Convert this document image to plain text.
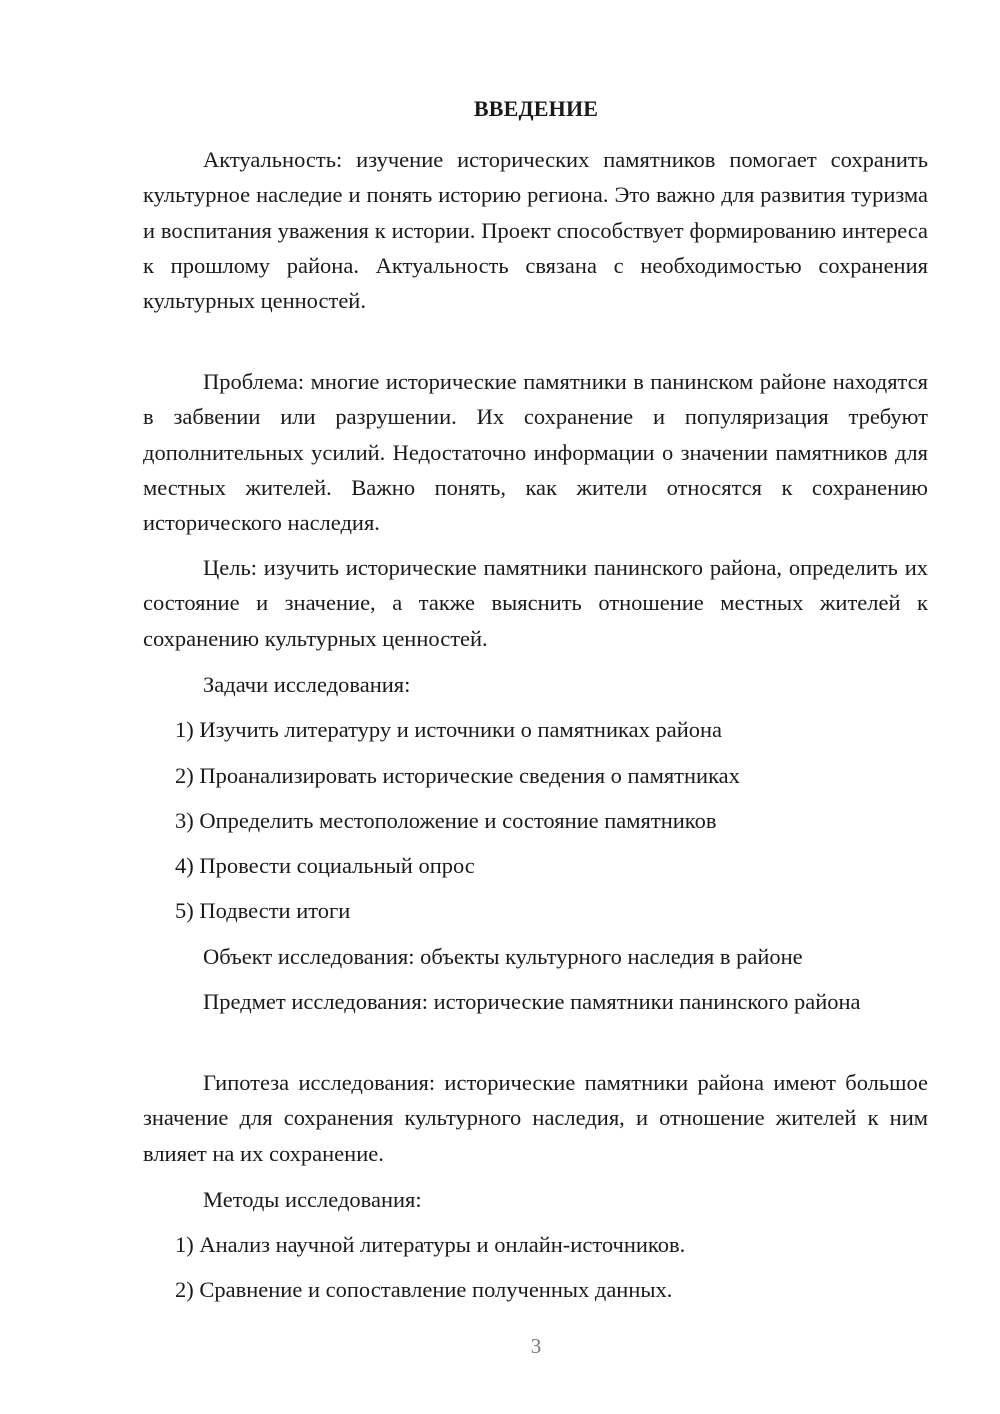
ВВЕДЕНИЕ

Актуальность: изучение исторических памятников помогает сохранить культурное наследие и понять историю региона. Это важно для развития туризма и воспитания уважения к истории. Проект способствует формированию интереса к прошлому района. Актуальность связана с необходимостью сохранения культурных ценностей.

Проблема: многие исторические памятники в панинском районе находятся в забвении или разрушении. Их сохранение и популяризация требуют дополнительных усилий. Недостаточно информации о значении памятников для местных жителей. Важно понять, как жители относятся к сохранению исторического наследия.

Цель: изучить исторические памятники панинского района, определить их состояние и значение, а также выяснить отношение местных жителей к сохранению культурных ценностей.

Задачи исследования:
1) Изучить литературу и источники о памятниках района
2) Проанализировать исторические сведения о памятниках
3) Определить местоположение и состояние памятников
4) Провести социальный опрос
5) Подвести итоги
Объект исследования: объекты культурного наследия в районе

Предмет исследования: исторические памятники панинского района

Гипотеза исследования: исторические памятники района имеют большое значение для сохранения культурного наследия, и отношение жителей к ним влияет на их сохранение.

Методы исследования:
1) Анализ научной литературы и онлайн-источников.
2) Сравнение и сопоставление полученных данных.
3
